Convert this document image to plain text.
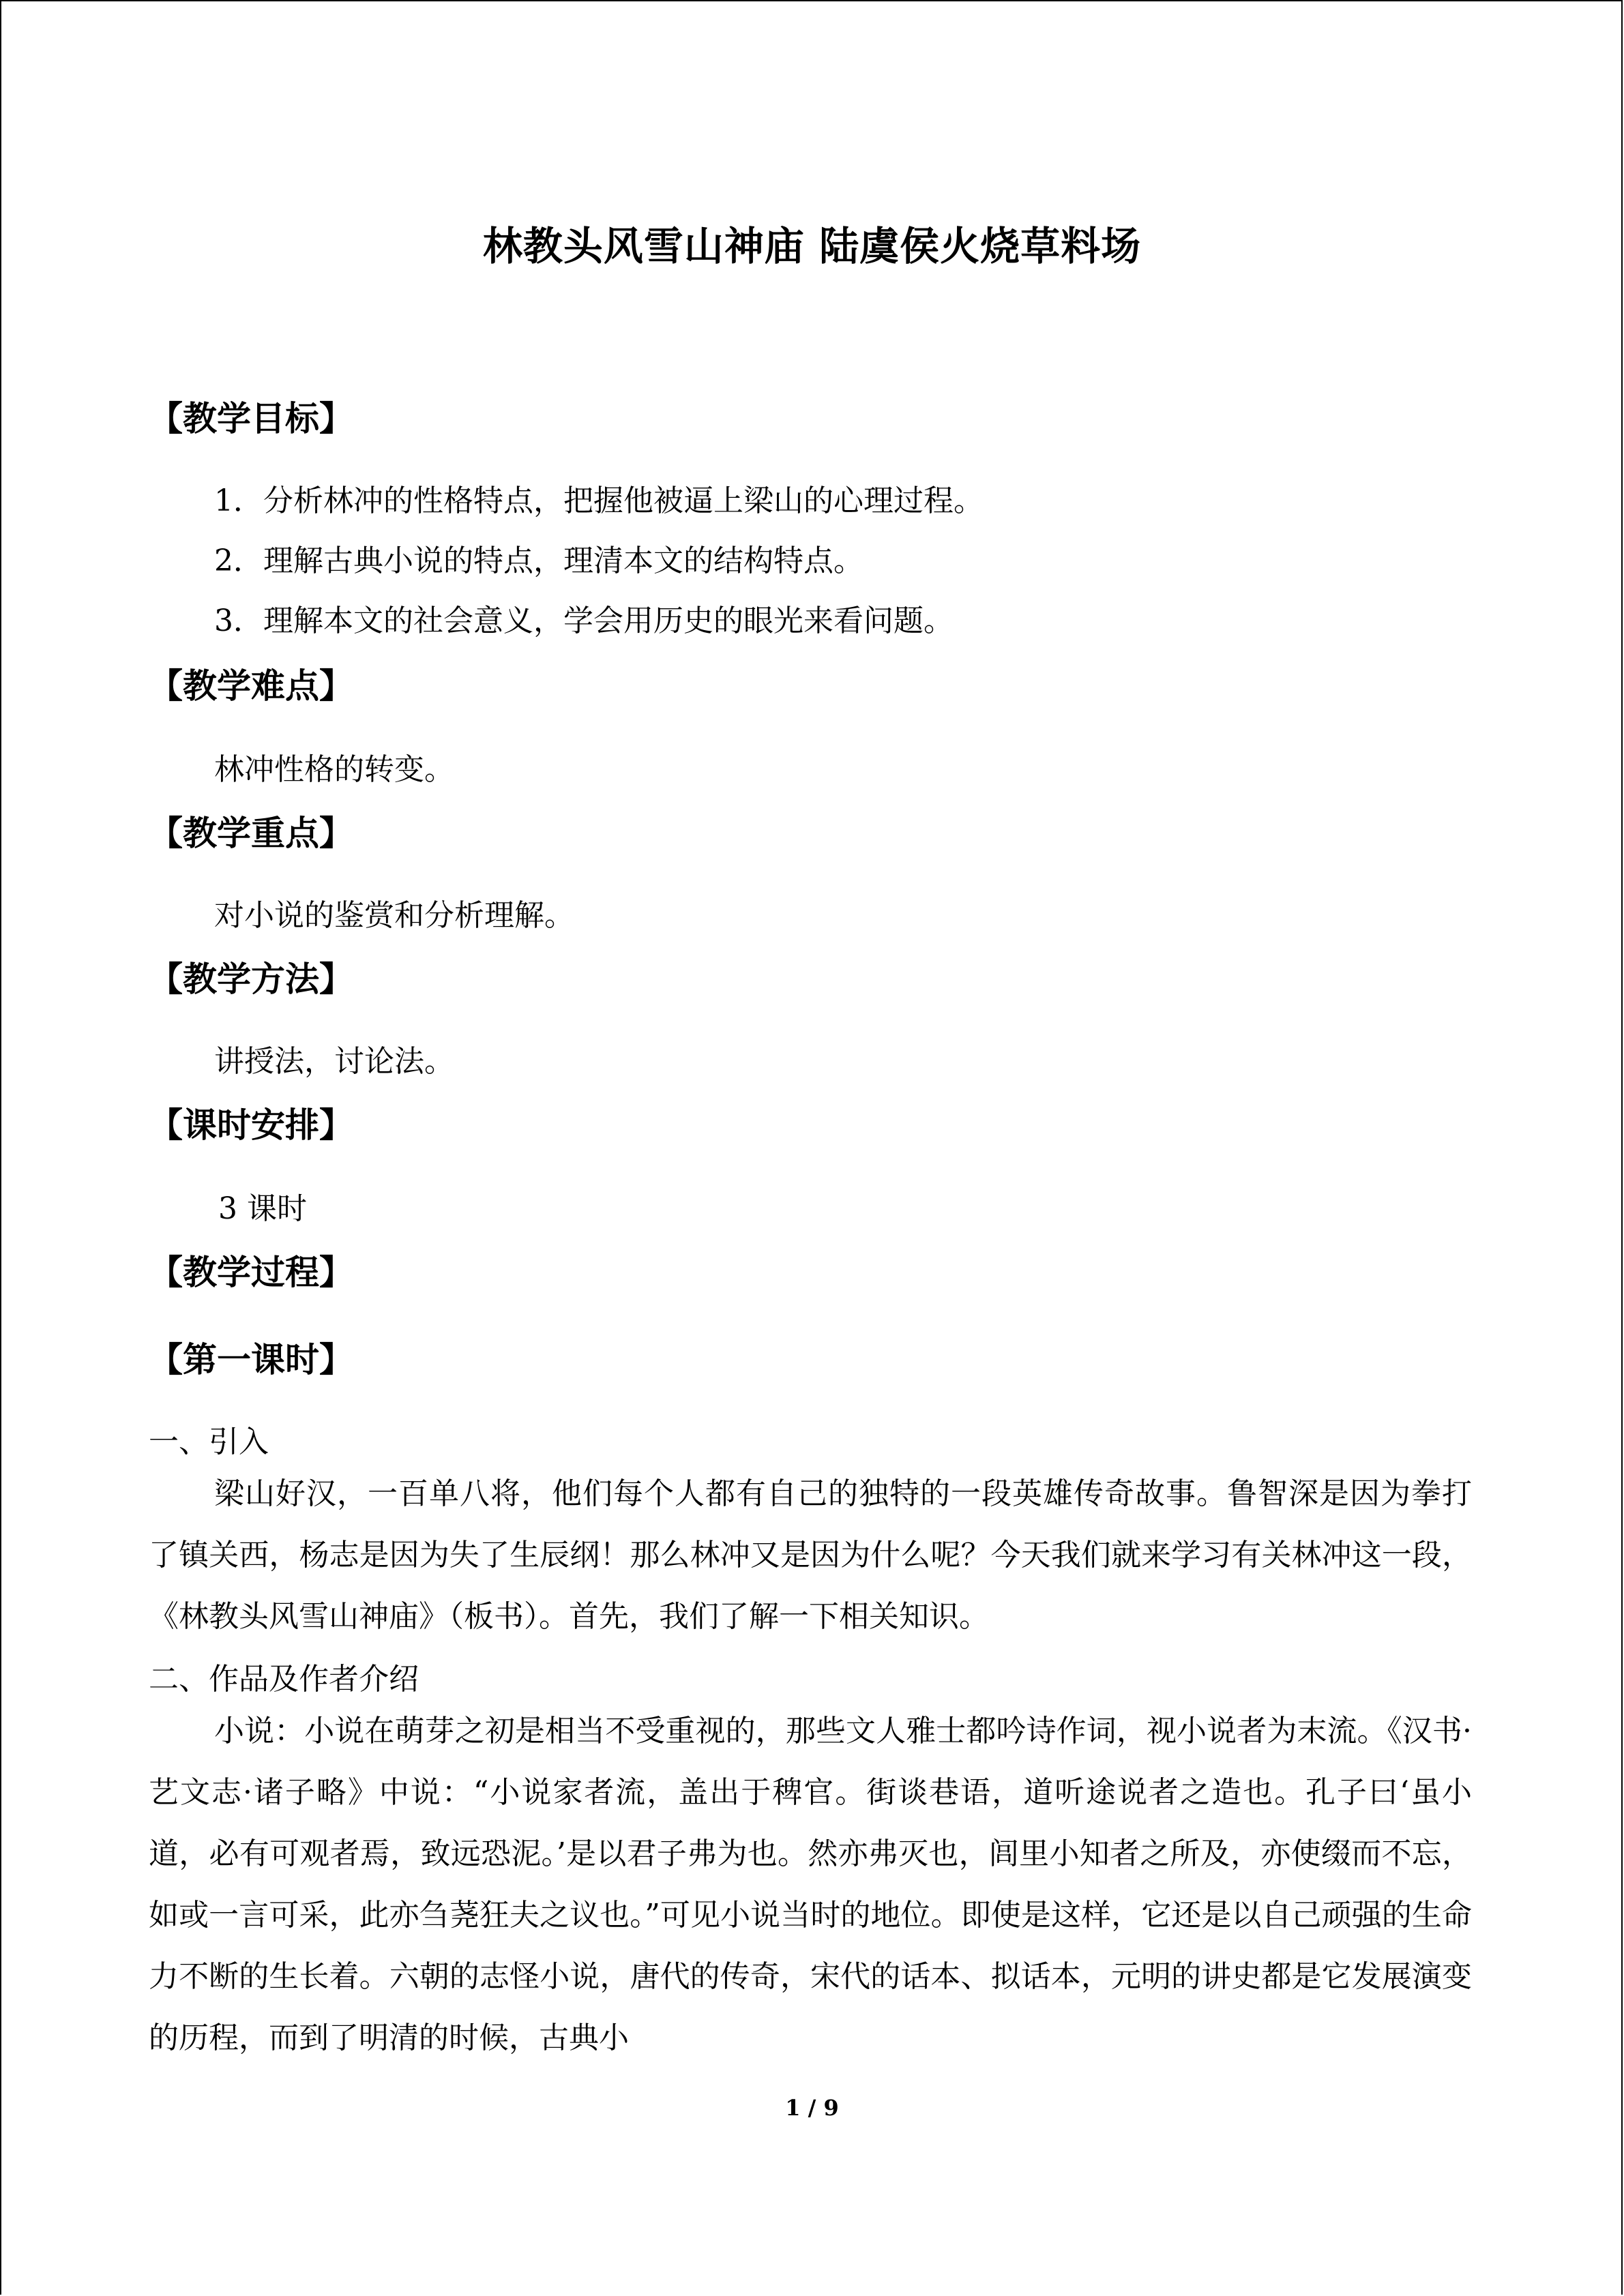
林教头风雪山神庙 陆虞侯火烧草料场
【教学目标】
1．分析林冲的性格特点，把握他被逼上梁山的心理过程。
2．理解古典小说的特点，理清本文的结构特点。
3．理解本文的社会意义，学会用历史的眼光来看问题。
【教学难点】
林冲性格的转变。
【教学重点】
对小说的鉴赏和分析理解。
【教学方法】
讲授法，讨论法。
【课时安排】
3 课时
【教学过程】
【第一课时】
一、引入
梁山好汉，一百单八将，他们每个人都有自己的独特的一段英雄传奇故事。鲁智深是因为拳打了镇关西，杨志是因为失了生辰纲！那么林冲又是因为什么呢？今天我们就来学习有关林冲这一段，《林教头风雪山神庙》（板书）。首先，我们了解一下相关知识。
二、作品及作者介绍
小说：小说在萌芽之初是相当不受重视的，那些文人雅士都吟诗作词，视小说者为末流。《汉书·艺文志·诸子略》中说：“小说家者流，盖出于稗官。街谈巷语，道听途说者之造也。孔子曰‘虽小道，必有可观者焉，致远恐泥。’是以君子弗为也。然亦弗灭也，闾里小知者之所及，亦使缀而不忘，如或一言可采，此亦刍荛狂夫之议也。”可见小说当时的地位。即使是这样，它还是以自己顽强的生命力不断的生长着。六朝的志怪小说，唐代的传奇，宋代的话本、拟话本，元明的讲史都是它发展演变的历程，而到了明清的时候，古典小
1 / 9
